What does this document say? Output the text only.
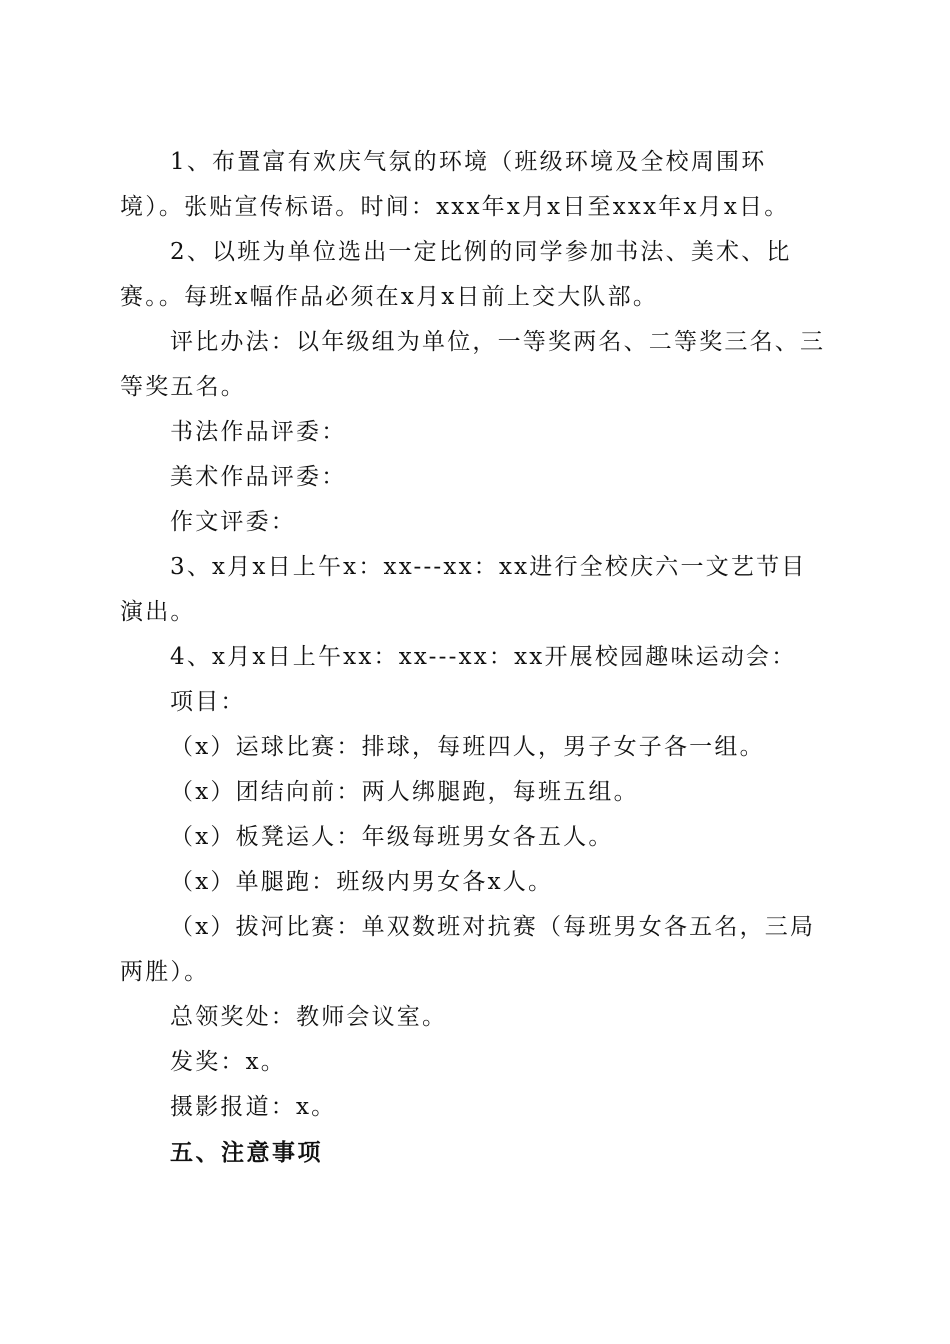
1、布置富有欢庆气氛的环境（班级环境及全校周围环境）。张贴宣传标语。时间：xxx年x月x日至xxx年x月x日。

2、以班为单位选出一定比例的同学参加书法、美术、比赛。。每班x幅作品必须在x月x日前上交大队部。

评比办法：以年级组为单位，一等奖两名、二等奖三名、三等奖五名。

书法作品评委：

美术作品评委：

作文评委：

3、x月x日上午x：xx---xx：xx进行全校庆六一文艺节目演出。

4、x月x日上午xx：xx---xx：xx开展校园趣味运动会：

项目：

（x）运球比赛：排球，每班四人，男子女子各一组。

（x）团结向前：两人绑腿跑，每班五组。

（x）板凳运人：年级每班男女各五人。

（x）单腿跑：班级内男女各x人。

（x）拔河比赛：单双数班对抗赛（每班男女各五名，三局两胜）。

总领奖处：教师会议室。

发奖：x。

摄影报道：x。

五、注意事项
